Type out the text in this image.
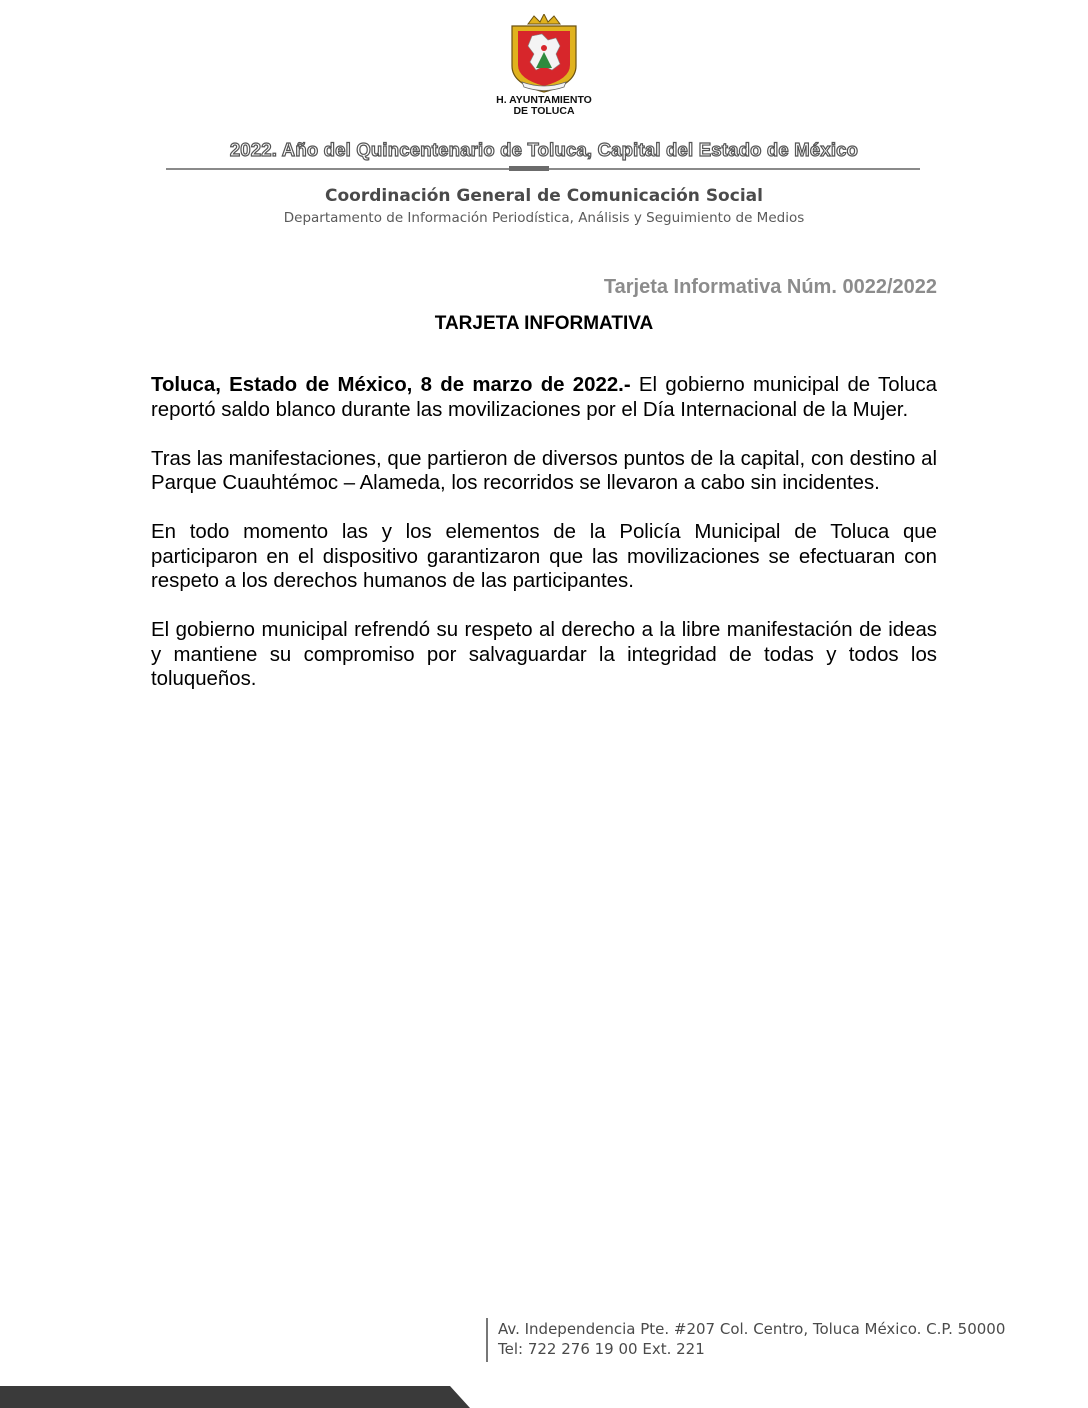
H. AYUNTAMIENTO
DE TOLUCA
2022. Año del Quincentenario de Toluca, Capital del Estado de México
Coordinación General de Comunicación Social
Departamento de Información Periodística, Análisis y Seguimiento de Medios
Tarjeta Informativa Núm. 0022/2022
TARJETA INFORMATIVA

Toluca, Estado de México, 8 de marzo de 2022.- El gobierno municipal de Toluca reportó saldo blanco durante las movilizaciones por el Día Internacional de la Mujer.

Tras las manifestaciones, que partieron de diversos puntos de la capital, con destino al Parque Cuauhtémoc – Alameda, los recorridos se llevaron a cabo sin incidentes.

En todo momento las y los elementos de la Policía Municipal de Toluca que participaron en el dispositivo garantizaron que las movilizaciones se efectuaran con respeto a los derechos humanos de las participantes.

El gobierno municipal refrendó su respeto al derecho a la libre manifestación de ideas y mantiene su compromiso por salvaguardar la integridad de todas y todos los toluqueños.

Av. Independencia Pte. #207 Col. Centro, Toluca México. C.P. 50000
Tel: 722 276 19 00 Ext. 221
